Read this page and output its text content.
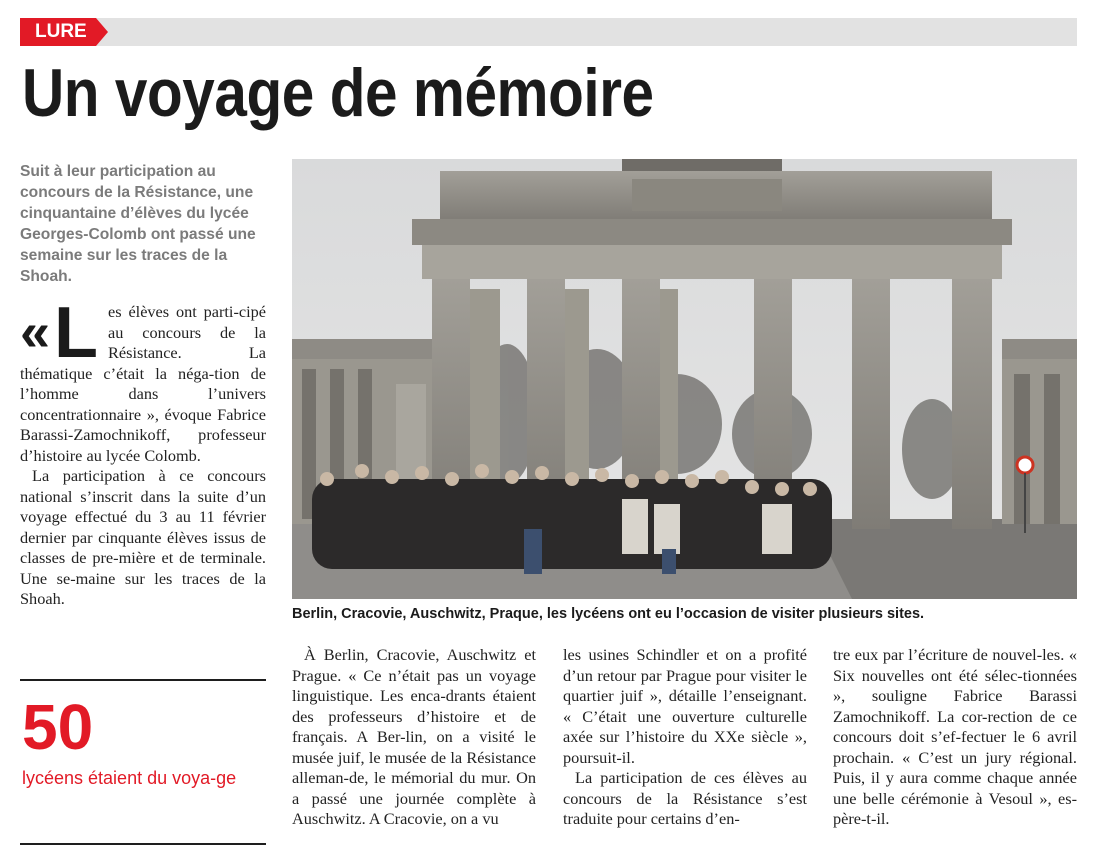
LURE
Un voyage de mémoire
Suit à leur participation au concours de la Résistance, une cinquantaine d’élèves du lycée Georges-Colomb ont passé une semaine sur les traces de la Shoah.
« L es élèves ont parti-cipé au concours de la Résistance. La thématique c’était la néga-tion de l’homme dans l’univers concentrationnaire », évoque Fabrice Barassi-Zamochnikoff, professeur d’histoire au lycée Colomb.

La participation à ce concours national s’inscrit dans la suite d’un voyage effectué du 3 au 11 février dernier par cinquante élèves issus de classes de pre-mière et de terminale. Une se-maine sur les traces de la Shoah.

50
lycéens étaient du voya-ge
Berlin, Cracovie, Auschwitz, Praque, les lycéens ont eu l’occasion de visiter plusieurs sites.

À Berlin, Cracovie, Auschwitz et Prague. « Ce n’était pas un voyage linguistique. Les enca-drants étaient des professeurs d’histoire et de français. A Ber-lin, on a visité le musée juif, le musée de la Résistance alleman-de, le mémorial du mur. On a passé une journée complète à Auschwitz. A Cracovie, on a vu

les usines Schindler et on a profité d’un retour par Prague pour visiter le quartier juif », détaille l’enseignant. « C’était une ouverture culturelle axée sur l’histoire du XXe siècle », poursuit-il.

La participation de ces élèves au concours de la Résistance s’est traduite pour certains d’en-

tre eux par l’écriture de nouvel-les. « Six nouvelles ont été sélec-tionnées », souligne Fabrice Barassi Zamochnikoff. La cor-rection de ce concours doit s’ef-fectuer le 6 avril prochain. « C’est un jury régional. Puis, il y aura comme chaque année une belle cérémonie à Vesoul », es-père-t-il.
